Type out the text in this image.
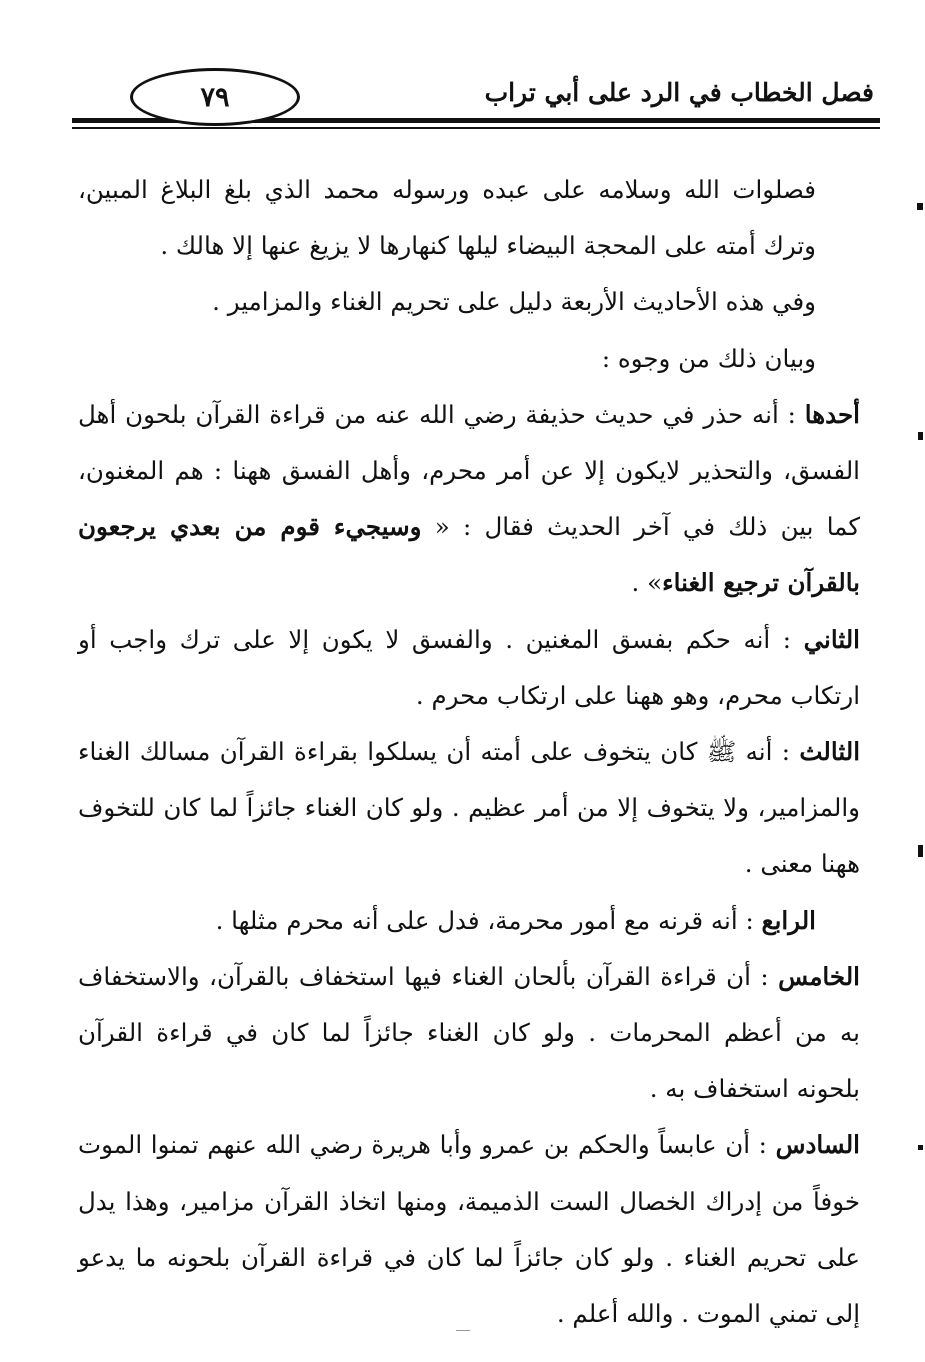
٧٩	فصل الخطاب في الرد على أبي تراب

فصلوات الله وسلامه على عبده ورسوله محمد الذي بلغ البلاغ المبين، وترك أمته على المحجة البيضاء ليلها كنهارها لا يزيغ عنها إلا هالك .

وفي هذه الأحاديث الأربعة دليل على تحريم الغناء والمزامير .

وبيان ذلك من وجوه :

أحدها : أنه حذر في حديث حذيفة رضي الله عنه من قراءة القرآن بلحون أهل الفسق، والتحذير لايكون إلا عن أمر محرم، وأهل الفسق ههنا : هم المغنون، كما بين ذلك في آخر الحديث فقال : « وسيجيء قوم من بعدي يرجعون بالقرآن ترجيع الغناء» .

الثاني : أنه حكم بفسق المغنين . والفسق لا يكون إلا على ترك واجب أو ارتكاب محرم، وهو ههنا على ارتكاب محرم .

الثالث : أنه ﷺ كان يتخوف على أمته أن يسلكوا بقراءة القرآن مسالك الغناء والمزامير، ولا يتخوف إلا من أمر عظيم . ولو كان الغناء جائزاً لما كان للتخوف ههنا معنى .

الرابع : أنه قرنه مع أمور محرمة، فدل على أنه محرم مثلها .

الخامس : أن قراءة القرآن بألحان الغناء فيها استخفاف بالقرآن، والاستخفاف به من أعظم المحرمات . ولو كان الغناء جائزاً لما كان في قراءة القرآن بلحونه استخفاف به .

السادس : أن عابساً والحكم بن عمرو وأبا هريرة رضي الله عنهم تمنوا الموت خوفاً من إدراك الخصال الست الذميمة، ومنها اتخاذ القرآن مزامير، وهذا يدل على تحريم الغناء . ولو كان جائزاً لما كان في قراءة القرآن بلحونه ما يدعو إلى تمني الموت . والله أعلم .
